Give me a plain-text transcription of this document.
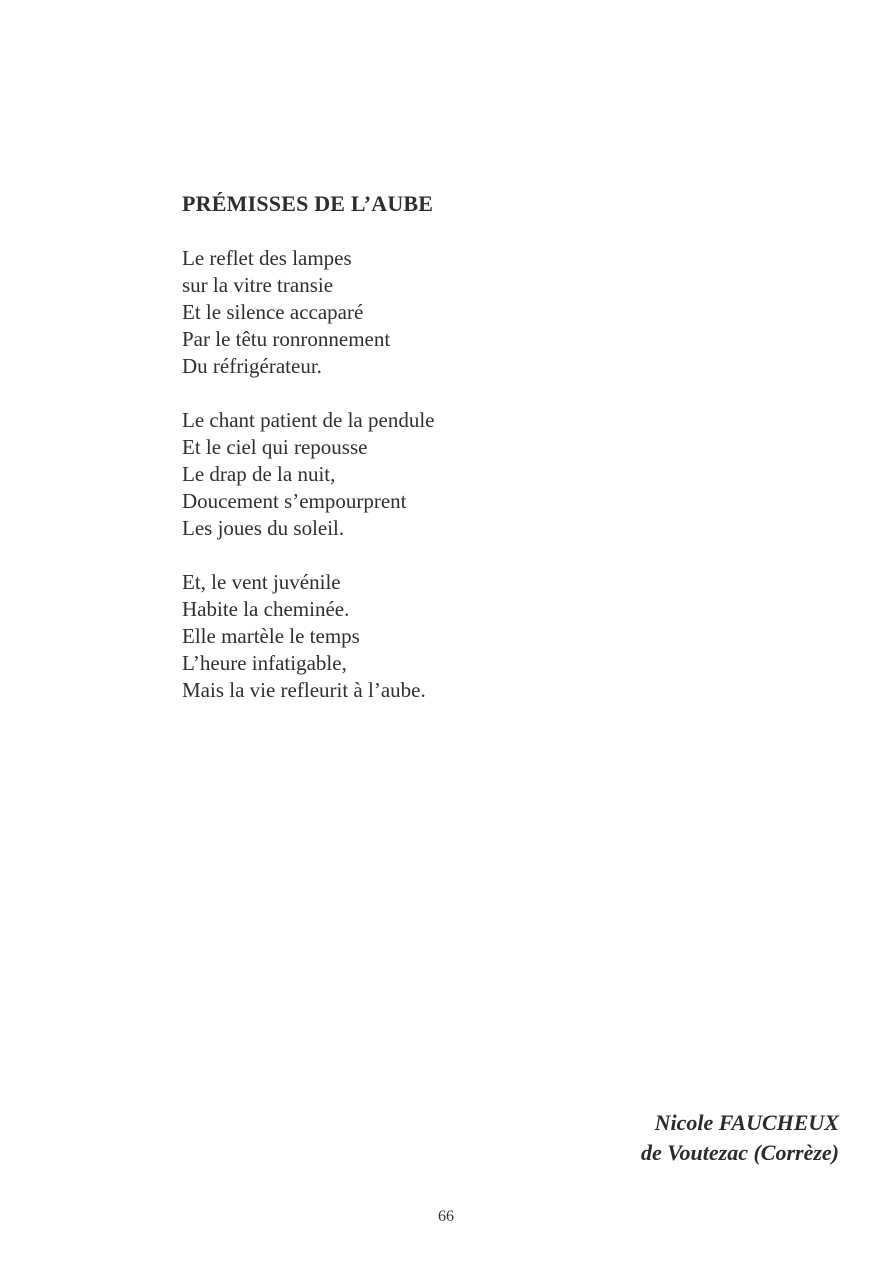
PRÉMISSES DE L’AUBE
Le reflet des lampes
sur la vitre transie
Et le silence accaparé
Par le têtu ronronnement
Du réfrigérateur.
Le chant patient de la pendule
Et le ciel qui repousse
Le drap de la nuit,
Doucement s’empourprent
Les joues du soleil.
Et, le vent juvénile
Habite la cheminée.
Elle martèle le temps
L’heure infatigable,
Mais la vie refleurit à l’aube.
Nicole FAUCHEUX
de Voutezac (Corrèze)
66
